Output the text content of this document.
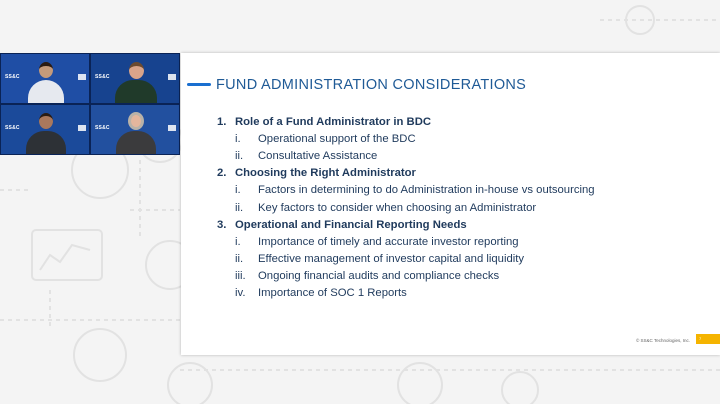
SS&C	SS&C
SS&C	SS&C
FUND ADMINISTRATION CONSIDERATIONS
1. Role of a Fund Administrator in BDC
i.	Operational support of the BDC
ii.	Consultative Assistance
2. Choosing the Right Administrator
i.	Factors in determining to do Administration in-house vs outsourcing
ii.	Key factors to consider when choosing an Administrator
3. Operational and Financial Reporting Needs
i.	Importance of timely and accurate investor reporting
ii.	Effective management of investor capital and liquidity
iii.	Ongoing financial audits and compliance checks
iv.	Importance of SOC 1 Reports
© SS&C Technologies, Inc.	7
